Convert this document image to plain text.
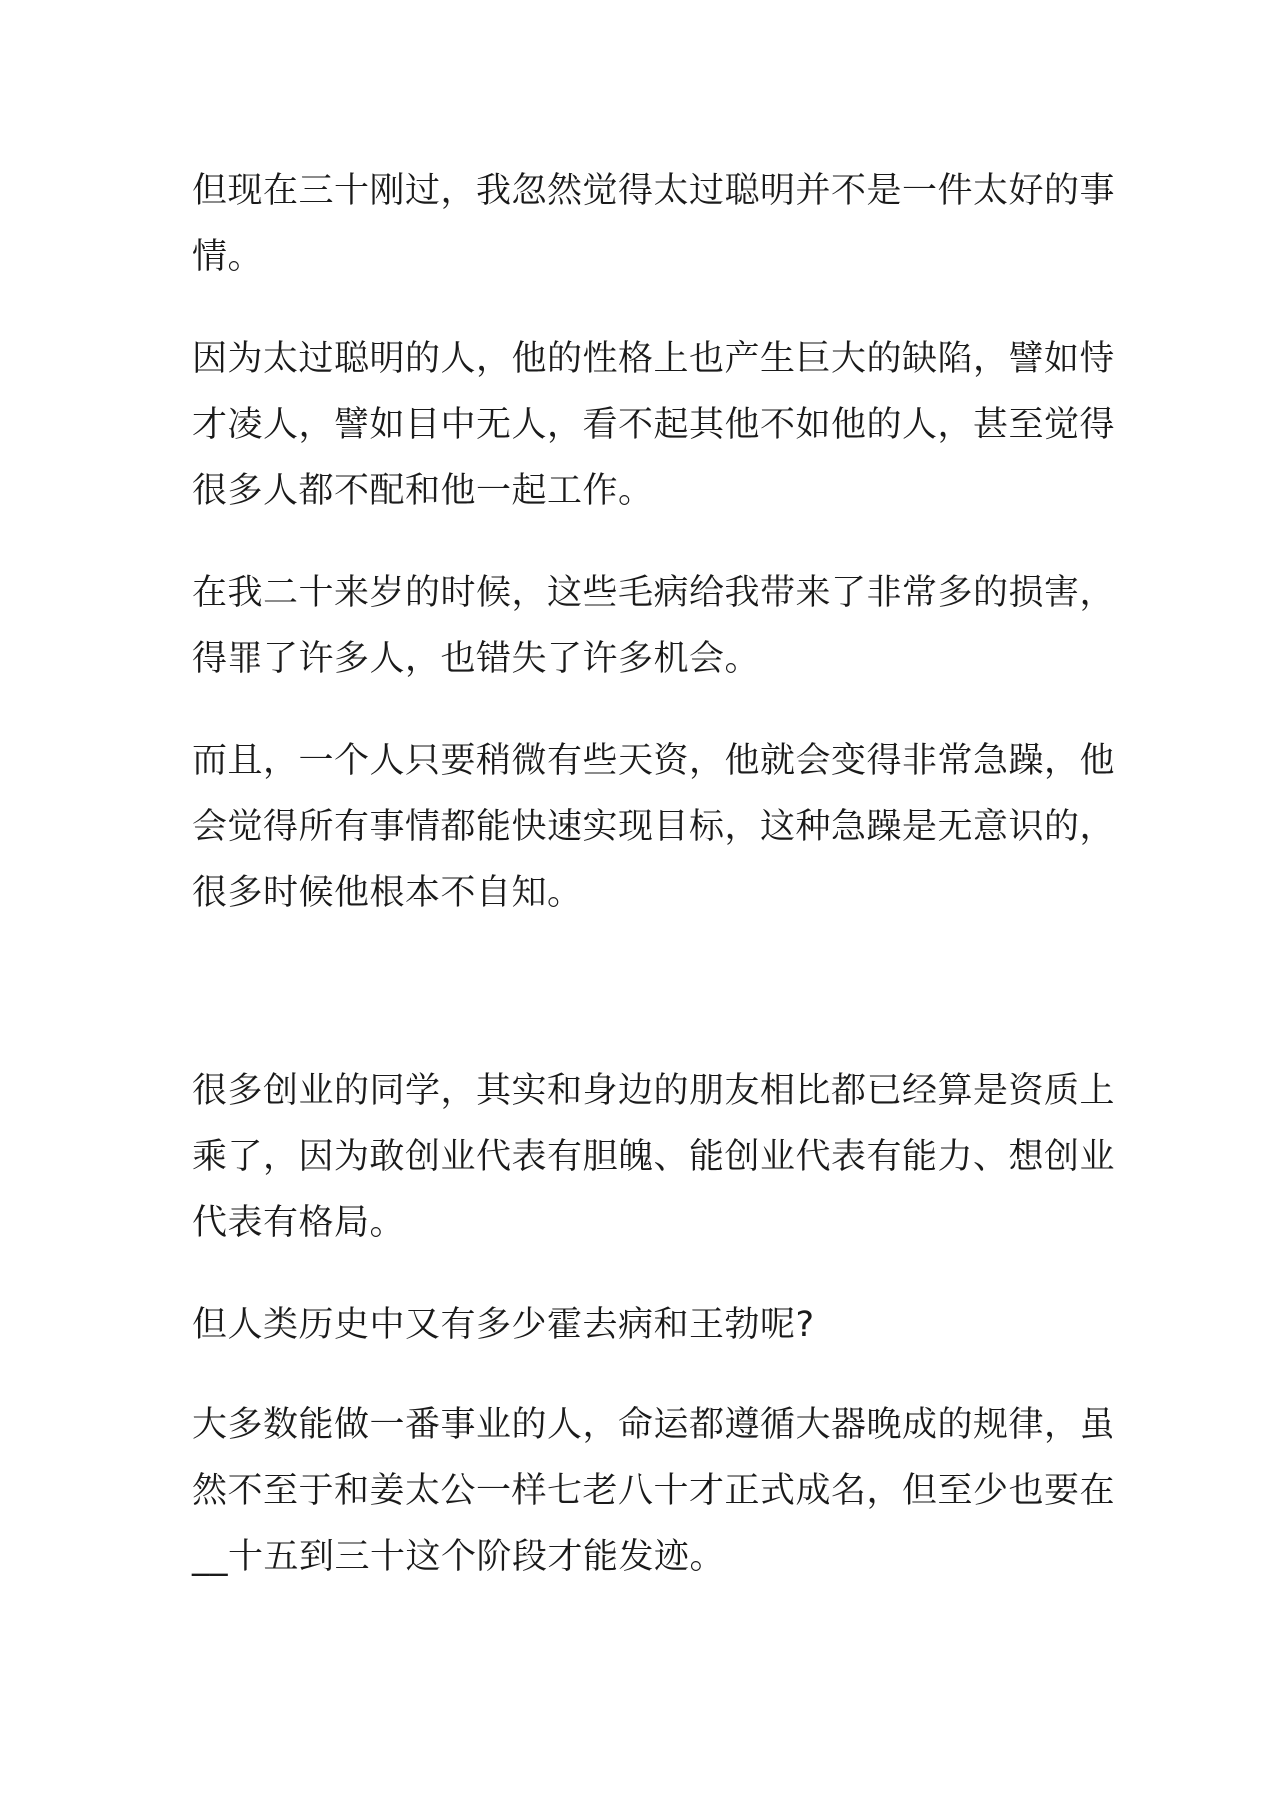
但现在三十刚过，我忽然觉得太过聪明并不是一件太好的事
情。

因为太过聪明的人，他的性格上也产生巨大的缺陷，譬如恃
才凌人，譬如目中无人，看不起其他不如他的人，甚至觉得
很多人都不配和他一起工作。

在我二十来岁的时候，这些毛病给我带来了非常多的损害，
得罪了许多人，也错失了许多机会。

而且，一个人只要稍微有些天资，他就会变得非常急躁，他
会觉得所有事情都能快速实现目标，这种急躁是无意识的，
很多时候他根本不自知。

很多创业的同学，其实和身边的朋友相比都已经算是资质上
乘了，因为敢创业代表有胆魄、能创业代表有能力、想创业
代表有格局。

但人类历史中又有多少霍去病和王勃呢?

大多数能做一番事业的人，命运都遵循大器晚成的规律，虽
然不至于和姜太公一样七老八十才正式成名，但至少也要在
__十五到三十这个阶段才能发迹。
